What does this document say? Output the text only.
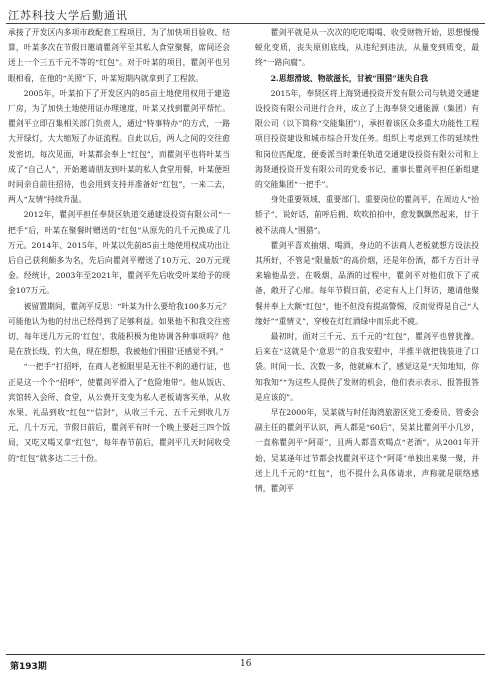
江苏科技大学后勤通讯

承接了开发区内多项市政配套工程项目，为了加快项目验收、结算，叶某多次在节假日邀请瞿剑平至其私人食堂聚餐，席间还会送上一个三五千元不等的“红包”。对于叶某的项目，瞿剑平也另眼相看，在他的“关照”下，叶某短期内就拿到了工程款。

2005年，叶某拍下了开发区内的85亩土地使用权用于建造厂房，为了加快土地使用证办理速度，叶某又找到瞿剑平帮忙。瞿剑平立即召集相关部门负责人，通过“特事特办”的方式，一路大开绿灯，大大缩短了办证流程。自此以后，两人之间的交往愈发密切，每次见面，叶某都会奉上“红包”，而瞿剑平也将叶某当成了“自己人”，开始邀请朋友到叶某的私人食堂用餐，叶某便坦时间亲自前往招待，也会用到支持并准备好“红包”，一来二去，两人“友情”持续升温。

2012年，瞿剑平担任奉贤区轨道交通建设投资有限公司“一把手”后，叶某在聚餐时赠送的“红包”从原先的几千元换成了几万元。2014年、2015年，叶某以先前85亩土地使用权成功出让后自己获利颇多为名，先后向瞿剑平赠送了10万元、20万元现金。经统计，2003年至2021年，瞿剑平先后收受叶某给予的现金107万元。

被留置期间，瞿剑平反思：“叶某为什么要给我100多万元？可能他认为他的付出已经得到了足够利益。如果他不和我交往密切、每年送几万元的‘红包’，我能积极为他协调各种事项吗？他是在放长线、钓大鱼，现在想想，我被他们‘围猎’还感觉不到。”

“一把手”打招呼，在商人老板眼里是无往不利的通行证，也正是这一个个“招呼”，使瞿剑平滑入了“危险地带”。他从饭店、宾馆转入会所、食堂，从公费开支变为私人老板请客买单，从收水果、礼品到收“红包”“信封”，从收三千元、五千元到收几万元、几十万元，节假日前后，瞿剑平有时一个晚上要赶三四个饭局，又吃又喝又拿“红包”，每年春节前后，瞿剑平几天时间收受的“红包”就多达二三十份。

瞿剑平就是从一次次的吃吃喝喝、收受财物开始，思想慢慢蜕化变质，丧失原则底线，从违纪到违法，从量变到质变，最终“一路向腐”。

2.思想滑坡、物欲滋长，甘被“围猎”迷失自我

2015年，奉贤区将上海贤通投资开发有限公司与轨道交通建设投资有限公司进行合并，成立了上海奉贤交通能源（集团）有限公司（以下简称“交能集团”），承担着该区众多重大功能性工程项目投资建设和城市综合开发任务。组织上考虑到工作的延续性和岗位匹配度，便委派当时兼任轨道交通建设投资有限公司和上海贤通投资开发有限公司的党委书记、董事长瞿剑平担任新组建的交能集团“一把手”。

身处重要领域、重要部门、重要岗位的瞿剑平，在周边人“抬轿子”、说好话，前呼后拥、吹吹拍拍中，愈发飘飘然起来，甘于被不法商人“围猎”。

瞿剑平喜欢抽烟、喝酒，身边的不法商人老板就想方设法投其所好，不管是“限量版”的高价烟，还是年份酒，都千方百计寻来输他品尝。在吸烟、品酒的过程中，瞿剑平对他们放下了戒备，敞开了心扉。每年节假日前，必定有人上门拜访，邀请他聚餐并奉上大额“红包”，他不但没有提高警惕，反而觉得是自己“人缘好”“重情义”，穿梭在灯红酒绿中而乐此不疲。

最初时，面对三千元、五千元的“红包”，瞿剑平也曾犹豫。后来在“这就是个‘意思’”的自我安慰中，半推半就把钱装进了口袋。时间一长、次数一多，他就麻木了，感觉这是“天知地知，你知我知”“为这些人提供了发财的机会，他们表示表示、报答报答是应该的”。

早在2000年，吴某就与时任海湾旅游区党工委委员、管委会副主任的瞿剑平认识，两人都是“60后”，吴某比瞿剑平小几岁，一直称瞿剑平“阿哥”，且两人都喜欢喝点“老酒”。从2001年开始，吴某逢年过节都会找瞿剑平这个“阿哥”单独出来聚一聚，并送上几千元的“红包”，也不提什么具体请求，声称就是联络感情，瞿剑平

第193期	16
